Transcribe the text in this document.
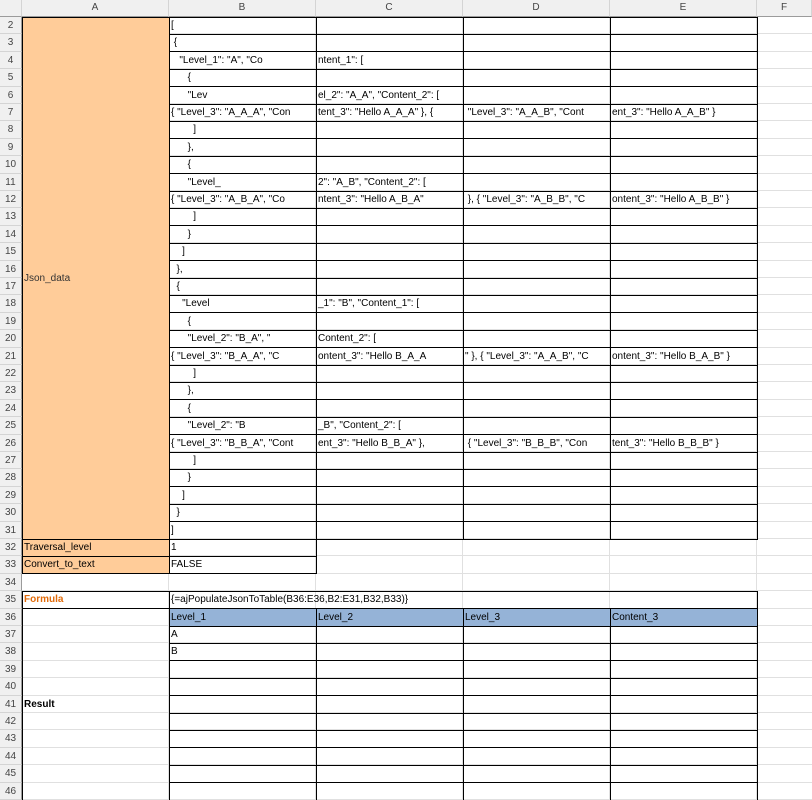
A	B	C	D	E	F
2
3
4
5
6
7
8
9
10
11
12
13
14
15
16
17
18
19
20
21
22
23
24
25
26
27
28
29
30
31
32
33
34
35
36
37
38
39
40
41
42
43
44
45
46
Json_data
Traversal_level
Convert_to_text
[
{
"Level_1": "A", "Co	ntent_1": [
{
"Lev	el_2": "A_A", "Content_2": [
{ "Level_3": "A_A_A", "Con	tent_3": "Hello A_A_A" }, {	"Level_3": "A_A_B", "Cont	ent_3": "Hello A_A_B" }
]
},
{
"Level_	2": "A_B", "Content_2": [
{ "Level_3": "A_B_A", "Co	ntent_3": "Hello A_B_A"	}, { "Level_3": "A_B_B", "C	ontent_3": "Hello A_B_B" }
]
}
]
},
{
"Level	_1": "B", "Content_1": [
{
"Level_2": "B_A", "	Content_2": [
{ "Level_3": "B_A_A", "C	ontent_3": "Hello B_A_A	" }, { "Level_3": "A_A_B", "C	ontent_3": "Hello B_A_B" }
]
},
{
"Level_2": "B	_B", "Content_2": [
{ "Level_3": "B_B_A", "Cont	ent_3": "Hello B_B_A" },	{ "Level_3": "B_B_B", "Con	tent_3": "Hello B_B_B" }
]
}
]
}
]
1
FALSE
Formula	{=ajPopulateJsonToTable(B36:E36,B2:E31,B32,B33)}
Level_1	Level_2	Level_3	Content_3
A
B
Result
